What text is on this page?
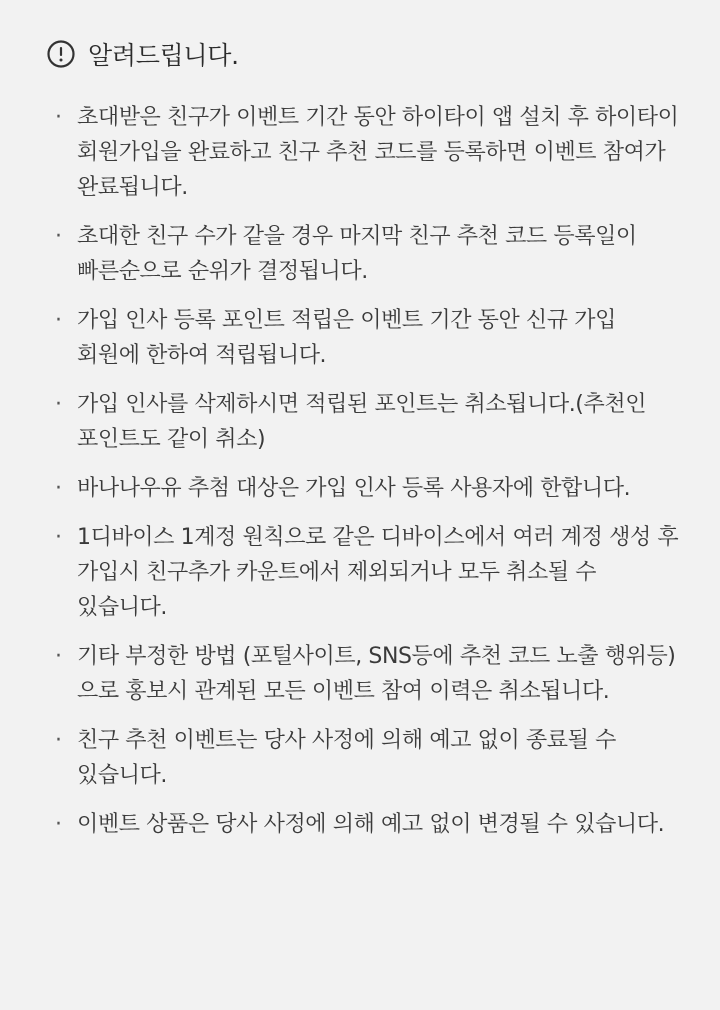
알려드립니다.
· 초대받은 친구가 이벤트 기간 동안 하이타이 앱 설치 후 하이타이 회원가입을 완료하고 친구 추천 코드를 등록하면 이벤트 참여가 완료됩니다.
· 초대한 친구 수가 같을 경우 마지막 친구 추천 코드 등록일이 빠른순으로 순위가 결정됩니다.
· 가입 인사 등록 포인트 적립은 이벤트 기간 동안 신규 가입 회원에 한하여 적립됩니다.
· 가입 인사를 삭제하시면 적립된 포인트는 취소됩니다.(추천인 포인트도 같이 취소)
· 바나나우유 추첨 대상은 가입 인사 등록 사용자에 한합니다.
· 1디바이스 1계정 원칙으로 같은 디바이스에서 여러 계정 생성 후 가입시 친구추가 카운트에서 제외되거나 모두 취소될 수 있습니다.
· 기타 부정한 방법 (포털사이트, SNS등에 추천 코드 노출 행위등)으로 홍보시 관계된 모든 이벤트 참여 이력은 취소됩니다.
· 친구 추천 이벤트는 당사 사정에 의해 예고 없이 종료될 수 있습니다.
· 이벤트 상품은 당사 사정에 의해 예고 없이 변경될 수 있습니다.
